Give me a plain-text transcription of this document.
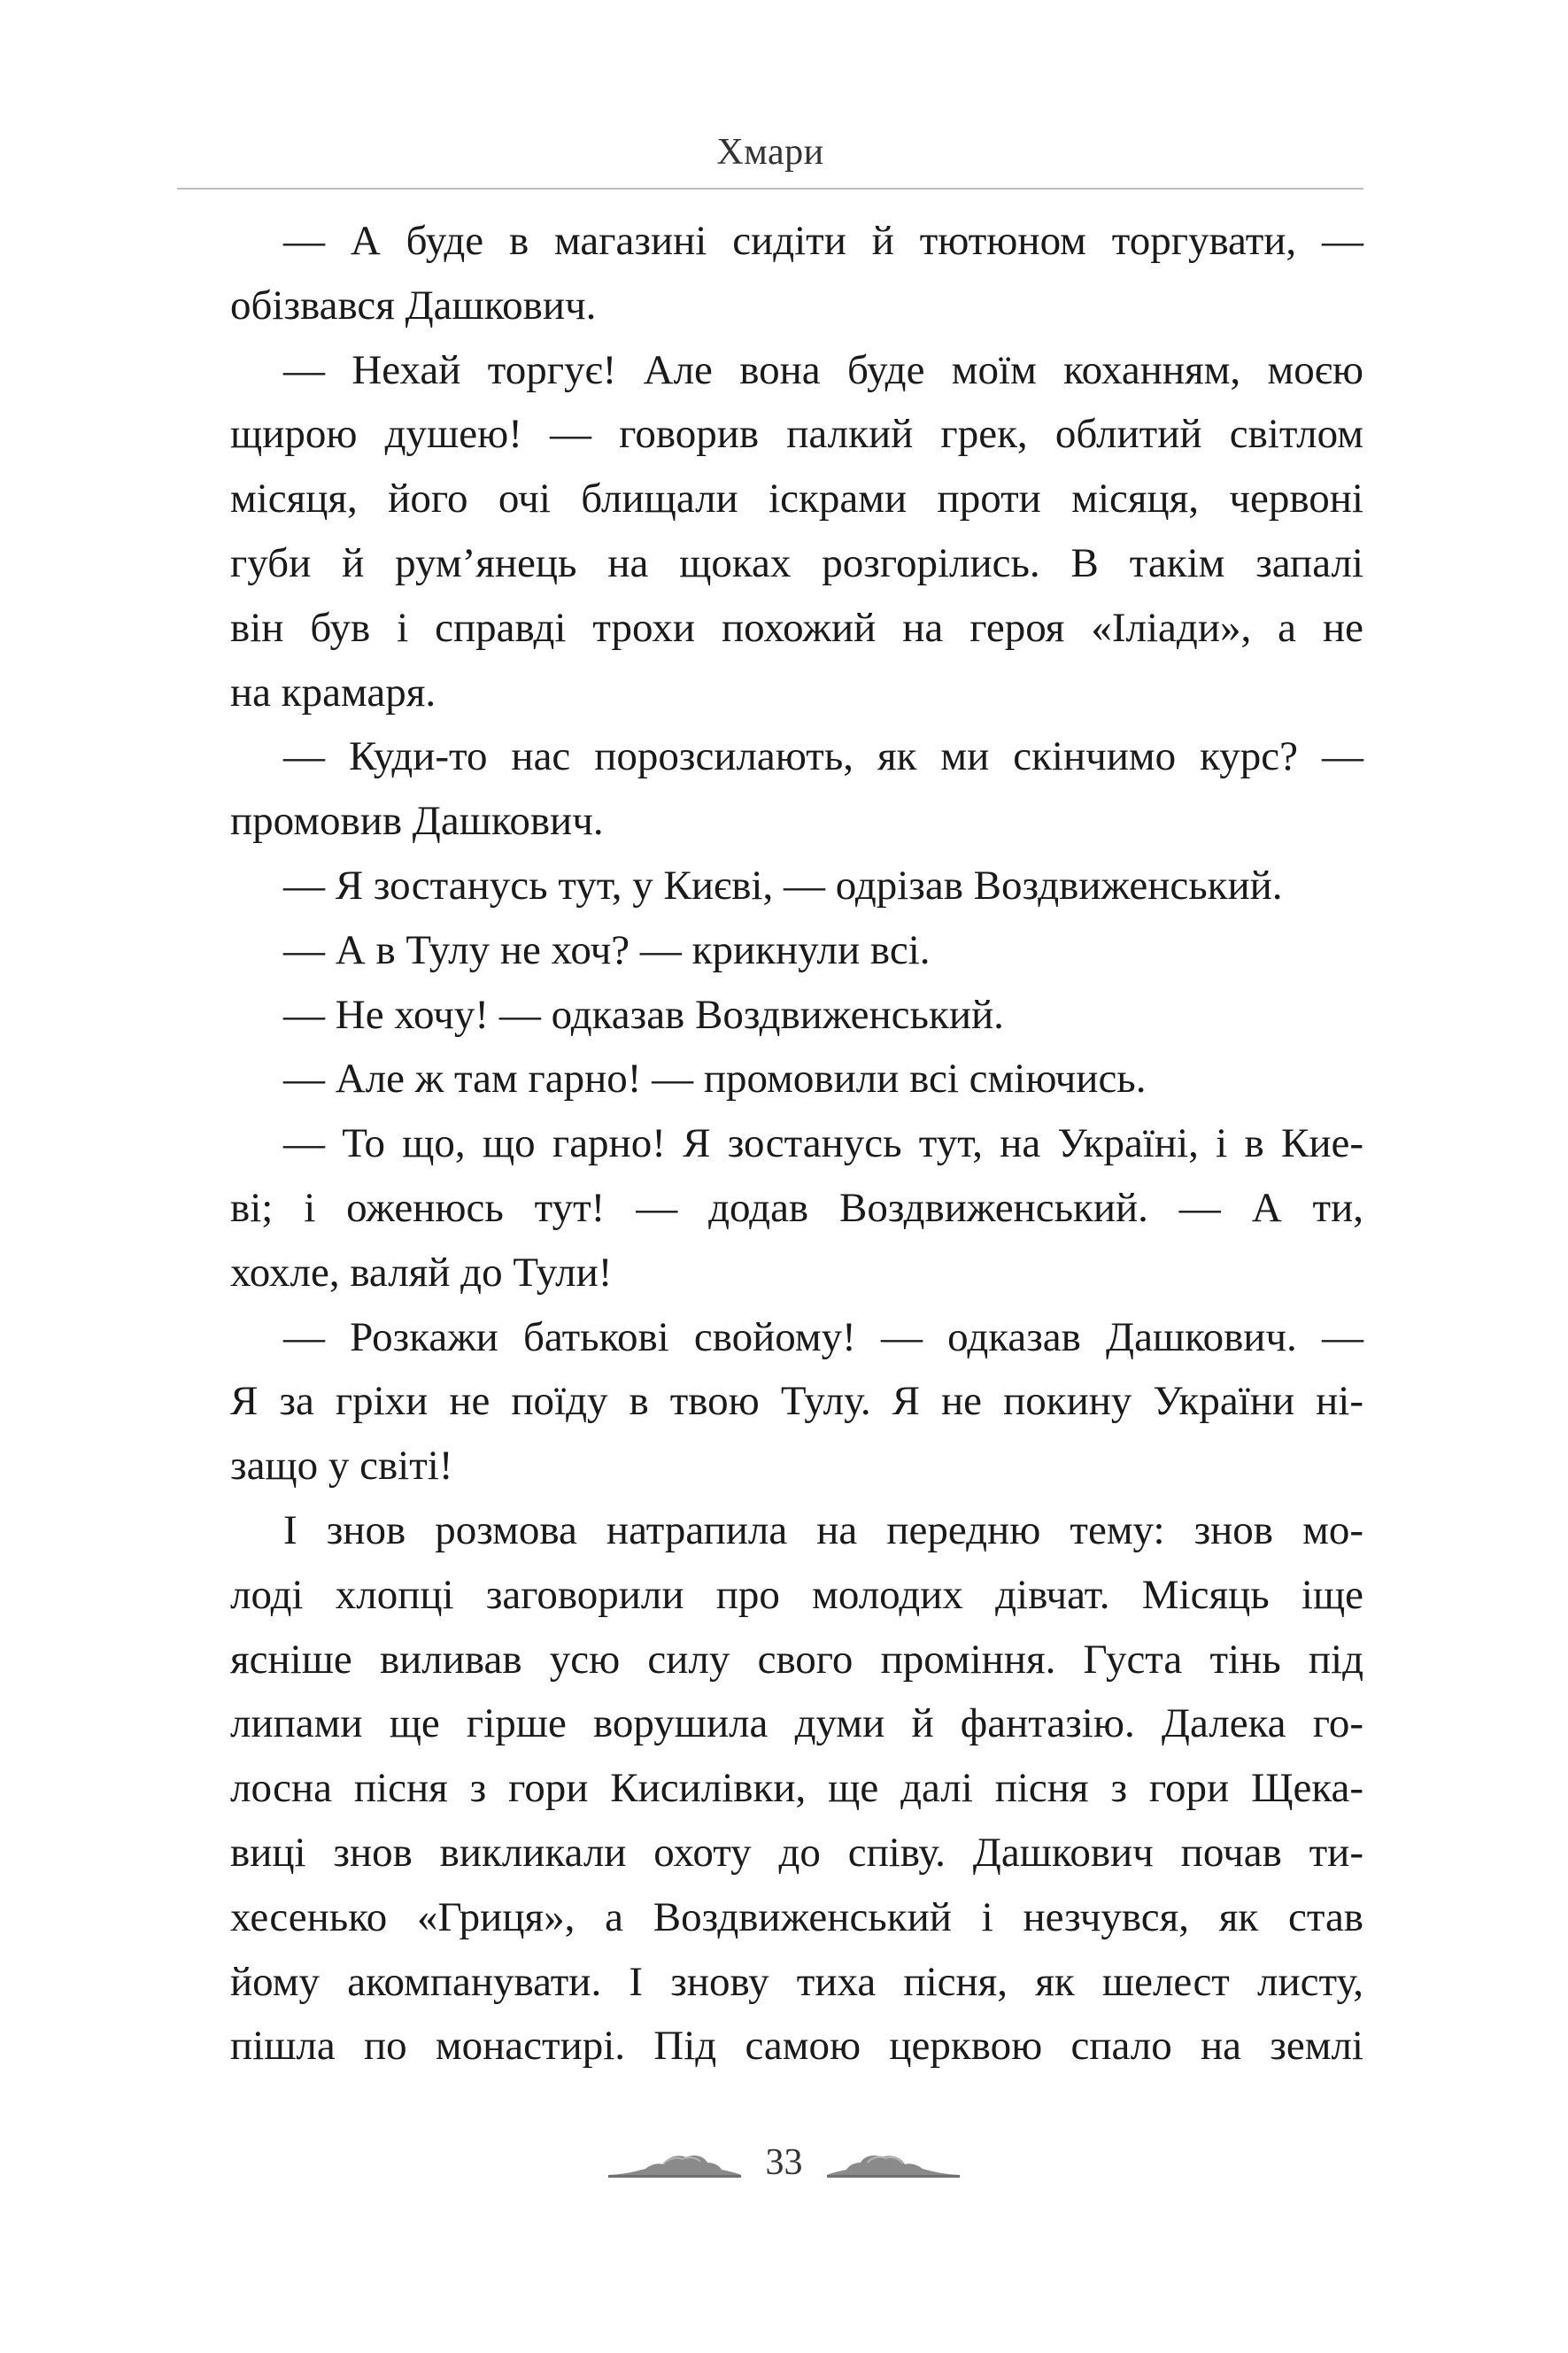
Хмари
— А буде в магазині сидіти й тютюном торгувати, —
обізвався Дашкович.
— Нехай торгує! Але вона буде моїм коханням, моєю
щирою душею! — говорив палкий грек, облитий світлом
місяця, його очі блищали іскрами проти місяця, червоні
губи й рум’янець на щоках розгорілись. В такім запалі
він був і справді трохи похожий на героя «Іліади», а не
на крамаря.
— Куди-то нас порозсилають, як ми скінчимо курс? —
промовив Дашкович.
— Я зостанусь тут, у Києві, — одрізав Воздвиженський.
— А в Тулу не хоч? — крикнули всі.
— Не хочу! — одказав Воздвиженський.
— Але ж там гарно! — промовили всі сміючись.
— То що, що гарно! Я зостанусь тут, на Україні, і в Кие-
ві; і оженюсь тут! — додав Воздвиженський. — А ти,
хохле, валяй до Тули!
— Розкажи батькові свойому! — одказав Дашкович. —
Я за гріхи не поїду в твою Тулу. Я не покину України ні-
защо у світі!
І знов розмова натрапила на передню тему: знов мо-
лоді хлопці заговорили про молодих дівчат. Місяць іще
ясніше виливав усю силу свого проміння. Густа тінь під
липами ще гірше ворушила думи й фантазію. Далека го-
лосна пісня з гори Кисилівки, ще далі пісня з гори Щека-
виці знов викликали охоту до співу. Дашкович почав ти-
хесенько «Гриця», а Воздвиженський і незчувся, як став
йому акомпанувати. І знову тиха пісня, як шелест листу,
пішла по монастирі. Під самою церквою спало на землі
33
